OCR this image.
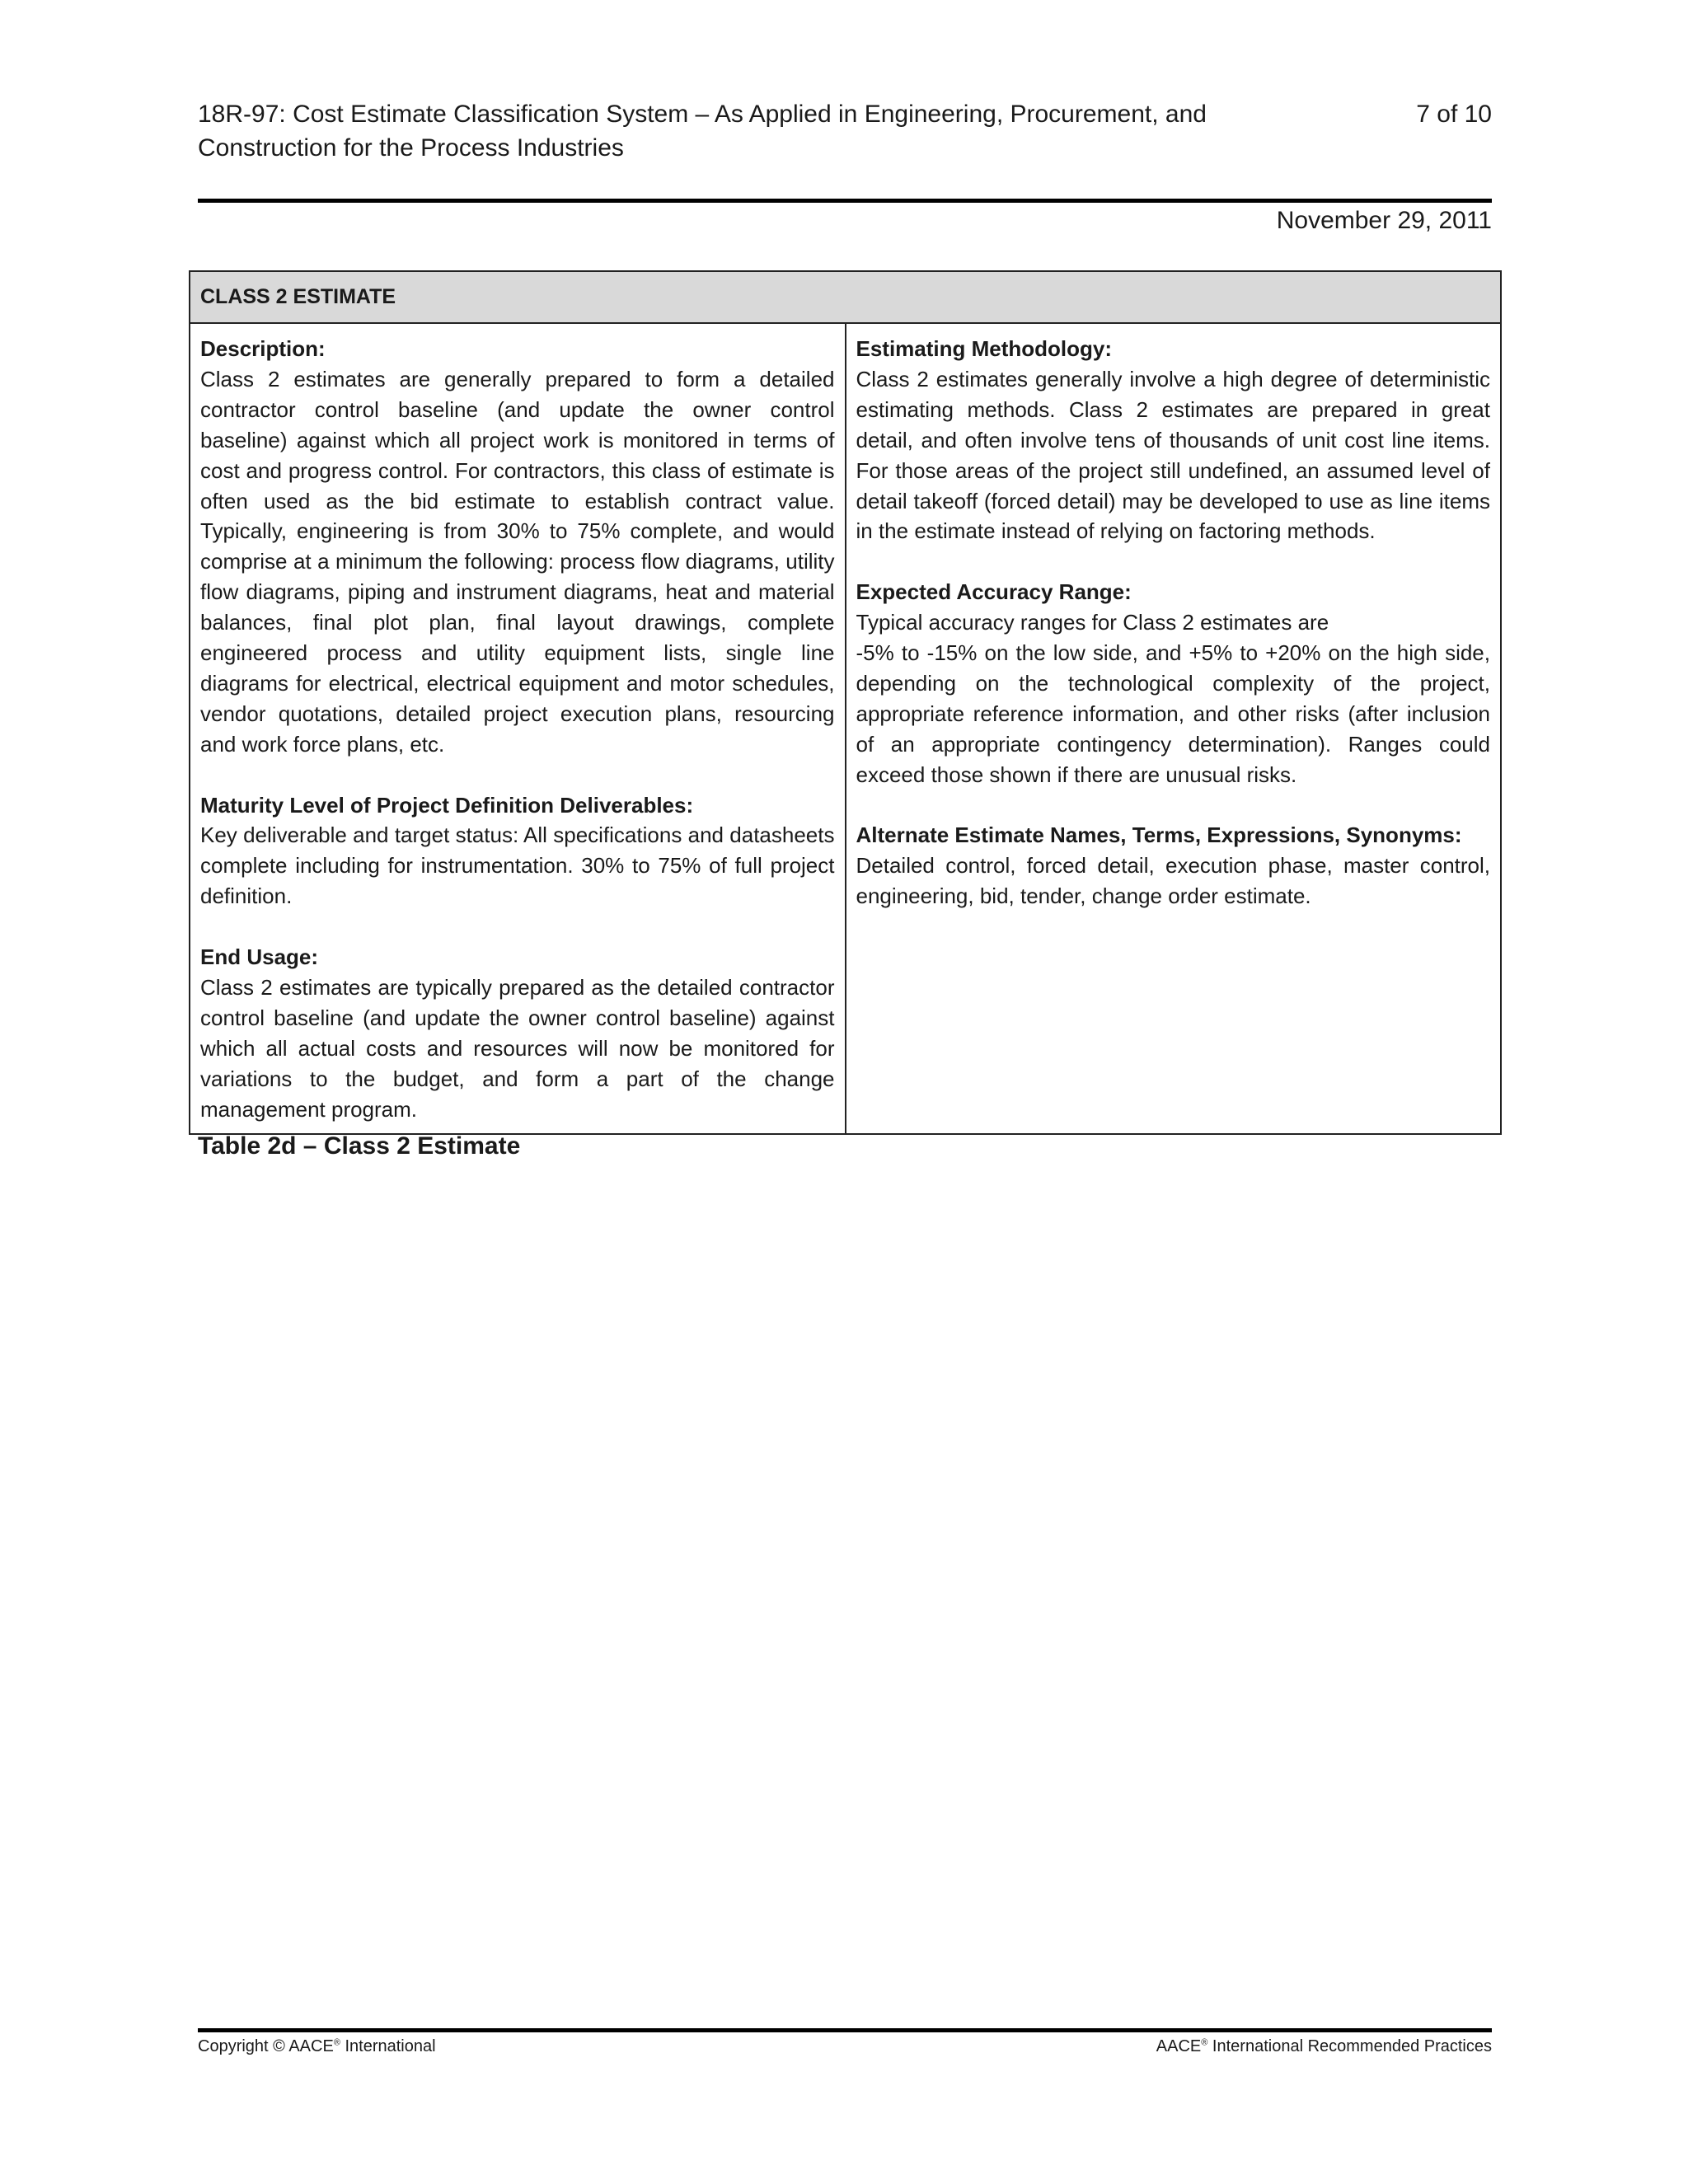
18R-97: Cost Estimate Classification System – As Applied in Engineering, Procurement, and
Construction for the Process Industries
7 of 10
November 29, 2011
CLASS 2 ESTIMATE

Description:

Class 2 estimates are generally prepared to form a detailed contractor control baseline (and update the owner control baseline) against which all project work is monitored in terms of cost and progress control. For contractors, this class of estimate is often used as the bid estimate to establish contract value. Typically, engineering is from 30% to 75% complete, and would comprise at a minimum the following: process flow diagrams, utility flow diagrams, piping and instrument diagrams, heat and material balances, final plot plan, final layout drawings, complete engineered process and utility equipment lists, single line diagrams for electrical, electrical equipment and motor schedules, vendor quotations, detailed project execution plans, resourcing and work force plans, etc.

Maturity Level of Project Definition Deliverables:

Key deliverable and target status: All specifications and datasheets complete including for instrumentation. 30% to 75% of full project definition.

End Usage:

Class 2 estimates are typically prepared as the detailed contractor control baseline (and update the owner control baseline) against which all actual costs and resources will now be monitored for variations to the budget, and form a part of the change management program.

Estimating Methodology:

Class 2 estimates generally involve a high degree of deterministic estimating methods. Class 2 estimates are prepared in great detail, and often involve tens of thousands of unit cost line items. For those areas of the project still undefined, an assumed level of detail takeoff (forced detail) may be developed to use as line items in the estimate instead of relying on factoring methods.

Expected Accuracy Range:

Typical accuracy ranges for Class 2 estimates are

-5% to -15% on the low side, and +5% to +20% on the high side, depending on the technological complexity of the project, appropriate reference information, and other risks (after inclusion of an appropriate contingency determination). Ranges could exceed those shown if there are unusual risks.

Alternate Estimate Names, Terms, Expressions, Synonyms:

Detailed control, forced detail, execution phase, master control, engineering, bid, tender, change order estimate.

Table 2d – Class 2 Estimate
Copyright © AACE® International	AACE® International Recommended Practices
